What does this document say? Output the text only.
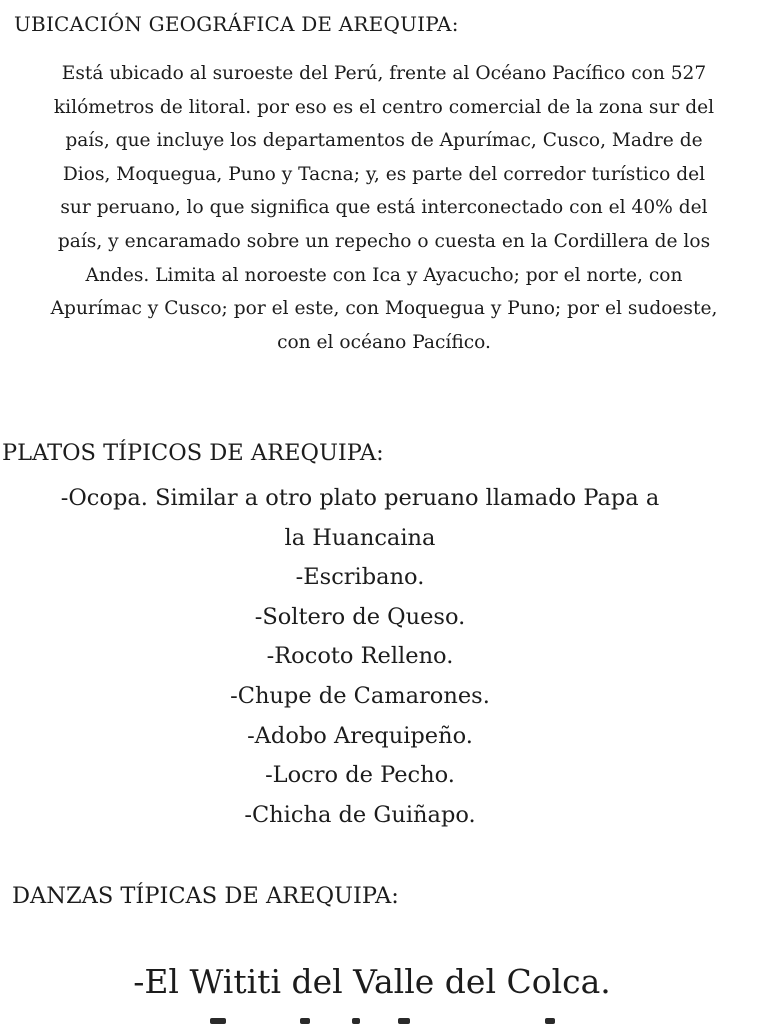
UBICACIÓN GEOGRÁFICA DE AREQUIPA:
Está ubicado al suroeste del Perú, frente al Océano Pacífico con 527
kilómetros de litoral. por eso es el centro comercial de la zona sur del
país, que incluye los departamentos de Apurímac, Cusco, Madre de
Dios, Moquegua, Puno y Tacna; y, es parte del corredor turístico del
sur peruano, lo que significa que está interconectado con el 40% del
país, y encaramado sobre un repecho o cuesta en la Cordillera de los
Andes. Limita al noroeste con Ica y Ayacucho; por el norte, con
Apurímac y Cusco; por el este, con Moquegua y Puno; por el sudoeste,
con el océano Pacífico.
PLATOS TÍPICOS DE AREQUIPA:
-Ocopa. Similar a otro plato peruano llamado Papa a
la Huancaina
-Escribano.
-Soltero de Queso.
-Rocoto Relleno.
-Chupe de Camarones.
-Adobo Arequipeño.
-Locro de Pecho.
-Chicha de Guiñapo.
DANZAS TÍPICAS DE AREQUIPA:
-El Wititi del Valle del Colca.
